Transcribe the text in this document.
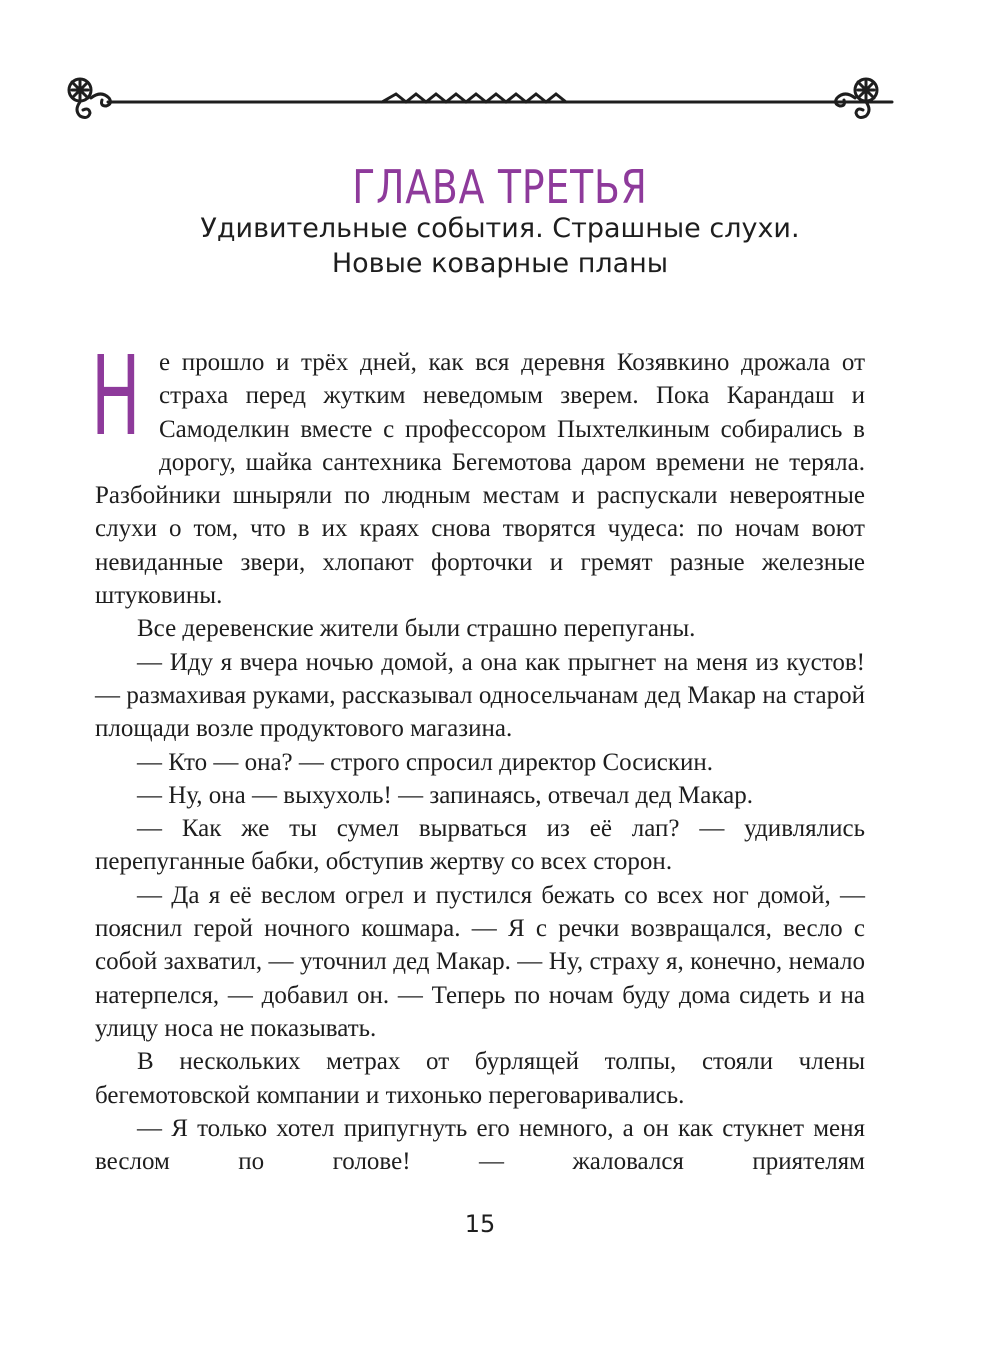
ГЛАВА ТРЕТЬЯ
Удивительные события. Страшные слухи.
Новые коварные планы

Не прошло и трёх дней, как вся деревня Козявкино дрожала от страха перед жутким неведомым зверем. Пока Карандаш и Самоделкин вместе с профессором Пыхтелкиным собирались в дорогу, шайка сантехника Бегемотова даром времени не теряла. Разбойники шныряли по людным местам и распускали невероятные слухи о том, что в их краях снова творятся чудеса: по ночам воют невиданные звери, хлопают форточки и гремят разные железные штуковины.

Все деревенские жители были страшно перепуганы.

— Иду я вчера ночью домой, а она как прыгнет на меня из кустов! — размахивая руками, рассказывал односельчанам дед Макар на старой площади возле продуктового магазина.

— Кто — она? — строго спросил директор Сосискин.

— Ну, она — выхухоль! — запинаясь, отвечал дед Макар.

— Как же ты сумел вырваться из её лап? — удивлялись перепуганные бабки, обступив жертву со всех сторон.

— Да я её веслом огрел и пустился бежать со всех ног домой, — пояснил герой ночного кошмара. — Я с речки возвращался, весло с собой захватил, — уточнил дед Макар. — Ну, страху я, конечно, немало натерпелся, — добавил он. — Теперь по ночам буду дома сидеть и на улицу носа не показывать.

В нескольких метрах от бурлящей толпы, стояли члены бегемотовской компании и тихонько переговаривались.

— Я только хотел припугнуть его немного, а он как стукнет меня веслом по голове! — жаловался приятелям

15
